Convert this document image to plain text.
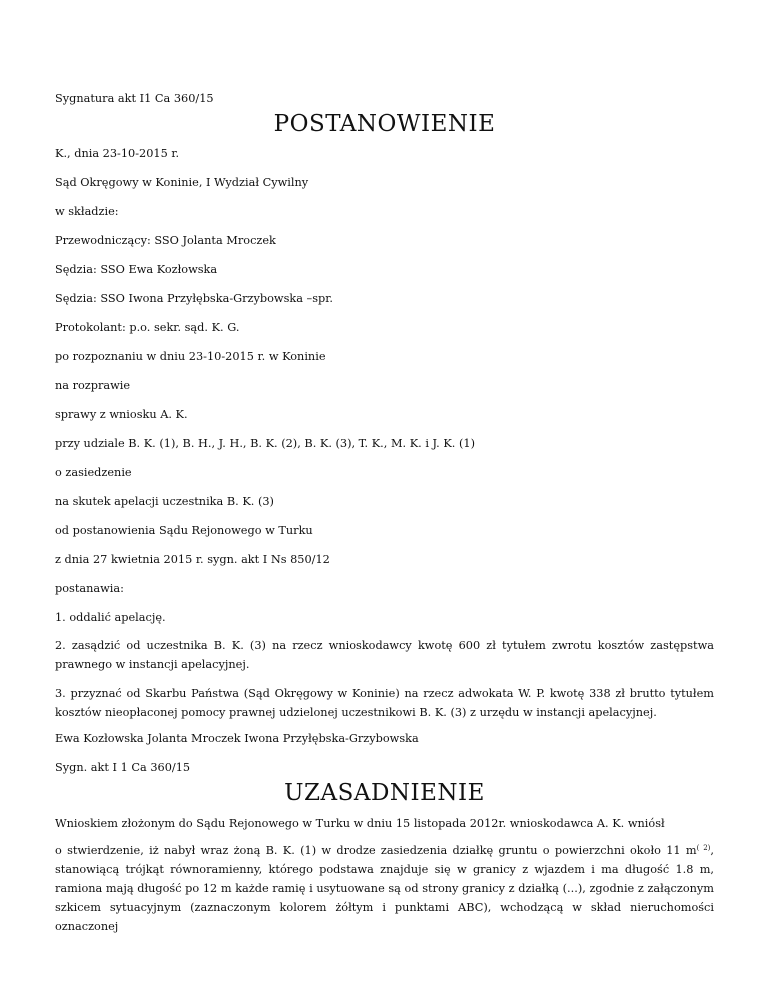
Sygnatura akt I1 Ca 360/15
POSTANOWIENIE
K., dnia 23-10-2015 r.
Sąd Okręgowy w Koninie, I Wydział Cywilny
w składzie:
Przewodniczący: SSO Jolanta Mroczek
Sędzia: SSO Ewa Kozłowska
Sędzia: SSO Iwona Przyłębska-Grzybowska –spr.
Protokolant: p.o. sekr. sąd. K. G.
po rozpoznaniu w dniu 23-10-2015 r. w Koninie
na rozprawie
sprawy z wniosku A. K.
przy udziale B. K. (1), B. H., J. H., B. K. (2), B. K. (3), T. K., M. K. i J. K. (1)
o zasiedzenie
na skutek apelacji uczestnika B. K. (3)
od postanowienia Sądu Rejonowego w Turku
z dnia 27 kwietnia 2015 r. sygn. akt I Ns 850/12
postanawia:
1. oddalić apelację.
2. zasądzić od uczestnika B. K. (3) na rzecz wnioskodawcy kwotę 600 zł tytułem zwrotu kosztów zastępstwa prawnego w instancji apelacyjnej.
3. przyznać od Skarbu Państwa (Sąd Okręgowy w Koninie) na rzecz adwokata W. P. kwotę 338 zł brutto tytułem kosztów nieopłaconej pomocy prawnej udzielonej uczestnikowi B. K. (3) z urzędu w instancji apelacyjnej.
Ewa Kozłowska Jolanta Mroczek Iwona Przyłębska-Grzybowska
Sygn. akt I 1 Ca 360/15
UZASADNIENIE
Wnioskiem złożonym do Sądu Rejonowego w Turku w dniu 15 listopada 2012r. wnioskodawca A. K. wniósł
o stwierdzenie, iż nabył wraz żoną B. K. (1) w drodze zasiedzenia działkę gruntu o powierzchni około 11 $m^{( 2)}$, stanowiącą trójkąt równoramienny, którego podstawa znajduje się w granicy z wjazdem i ma długość 1.8 m, ramiona mają długość po 12 m każde ramię i usytuowane są od strony granicy z działką (...), zgodnie z załączonym szkicem sytuacyjnym (zaznaczonym kolorem żółtym i punktami ABC), wchodzącą w skład nieruchomości oznaczonej
